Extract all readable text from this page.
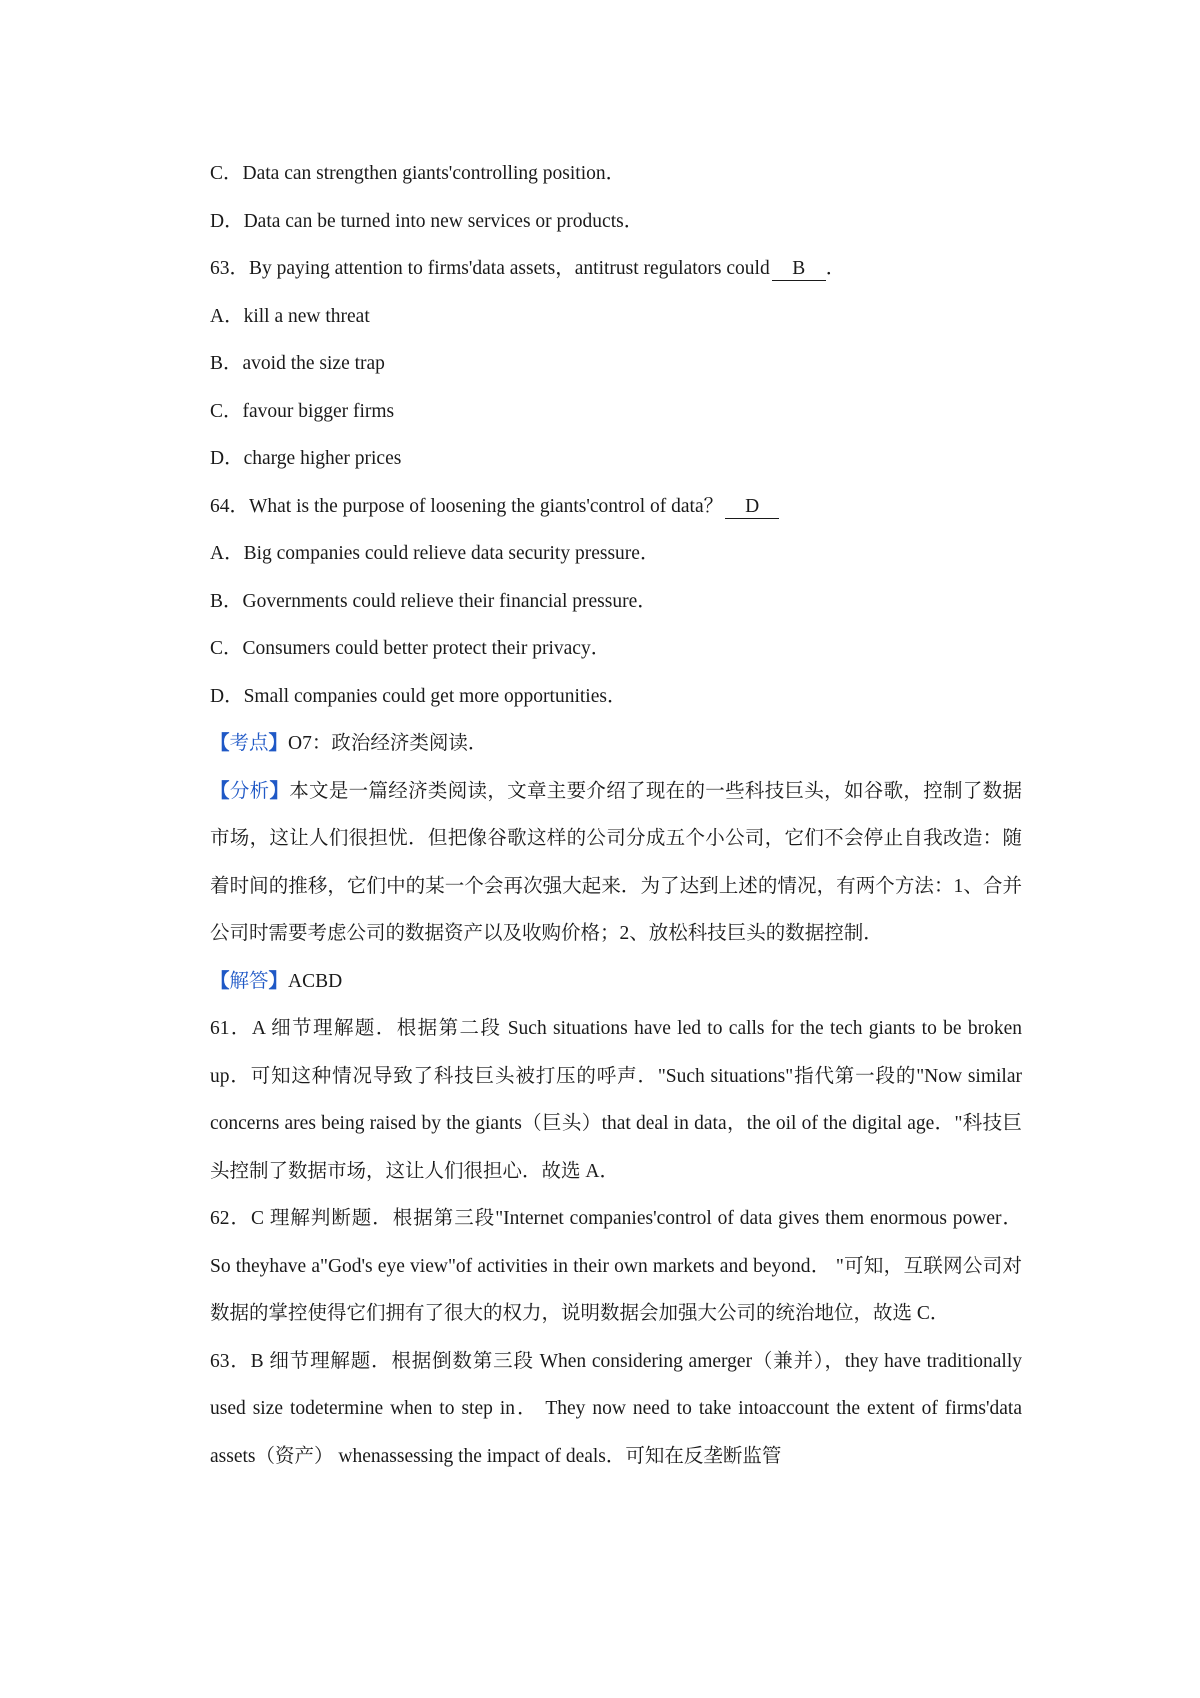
C．Data can strengthen giants'controlling position．
D．Data can be turned into new services or products．
63．By paying attention to firms'data assets，antitrust regulators could B ．
A．kill a new threat
B．avoid the size trap
C．favour bigger firms
D．charge higher prices
64．What is the purpose of loosening the giants'control of data？ D
A．Big companies could relieve data security pressure．
B．Governments could relieve their financial pressure．
C．Consumers could better protect their privacy．
D．Small companies could get more opportunities．
【考点】O7：政治经济类阅读．
【分析】本文是一篇经济类阅读，文章主要介绍了现在的一些科技巨头，如谷歌，控制了数据市场，这让人们很担忧．但把像谷歌这样的公司分成五个小公司，它们不会停止自我改造：随着时间的推移，它们中的某一个会再次强大起来．为了达到上述的情况，有两个方法：1、合并公司时需要考虑公司的数据资产以及收购价格；2、放松科技巨头的数据控制．
【解答】ACBD
61．A 细节理解题．根据第二段 Such situations have led to calls for the tech giants to be broken up．可知这种情况导致了科技巨头被打压的呼声．"Such situations"指代第一段的"Now similar concerns ares being raised by the giants（巨头）that deal in data，the oil of the digital age．"科技巨头控制了数据市场，这让人们很担心．故选 A．
62．C 理解判断题．根据第三段"Internet companies'control of data gives them enormous power． So theyhave a"God's eye view"of activities in their own markets and beyond． "可知，互联网公司对数据的掌控使得它们拥有了很大的权力，说明数据会加强大公司的统治地位，故选 C．
63．B 细节理解题．根据倒数第三段 When considering amerger（兼并），they have traditionally used size todetermine when to step in． They now need to take intoaccount the extent of firms'data assets（资产） whenassessing the impact of deals．可知在反垄断监管
